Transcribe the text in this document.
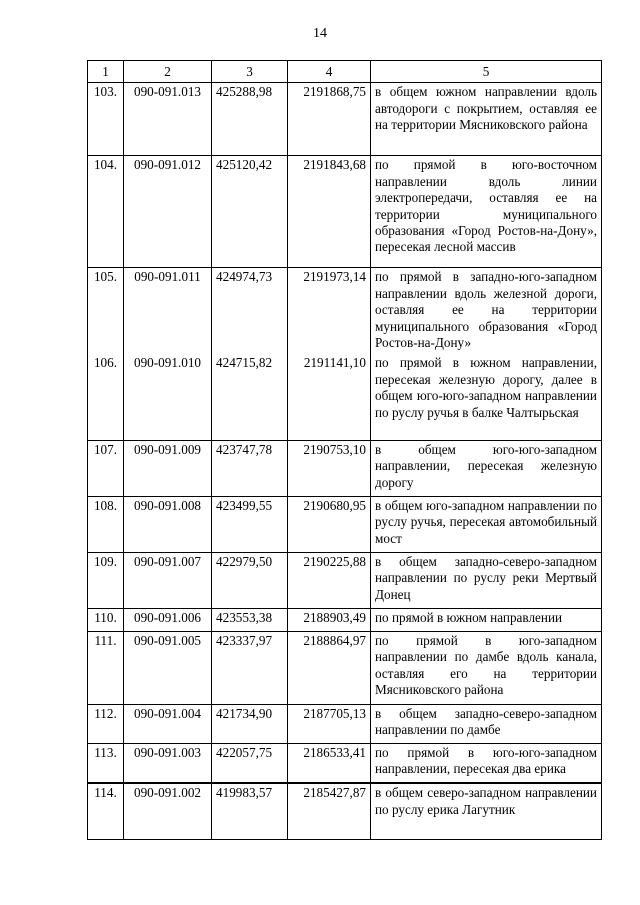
14
1	2	3	4	5
103.	090-091.013	425288,98	2191868,75	в общем южном направлении вдоль автодороги с покрытием, оставляя ее на территории Мясниковского района
104.	090-091.012	425120,42	2191843,68	по прямой в юго-восточном направлении вдоль линии электропередачи, оставляя ее на территории муниципального образования «Город Ростов-на-Дону», пересекая лесной массив
105.	090-091.011	424974,73	2191973,14	по прямой в западно-юго-западном направлении вдоль железной дороги, оставляя ее на территории муниципального образования «Город Ростов-на-Дону»
106.	090-091.010	424715,82	2191141,10	по прямой в южном направлении, пересекая железную дорогу, далее в общем юго-юго-западном направлении по руслу ручья в балке Чалтырьская
107.	090-091.009	423747,78	2190753,10	в общем юго-юго-западном направлении, пересекая железную дорогу
108.	090-091.008	423499,55	2190680,95	в общем юго-западном направлении по руслу ручья, пересекая автомобильный мост
109.	090-091.007	422979,50	2190225,88	в общем западно-северо-западном направлении по руслу реки Мертвый Донец
110.	090-091.006	423553,38	2188903,49	по прямой в южном направлении
111.	090-091.005	423337,97	2188864,97	по прямой в юго-западном направлении по дамбе вдоль канала, оставляя его на территории Мясниковского района
112.	090-091.004	421734,90	2187705,13	в общем западно-северо-западном направлении по дамбе
113.	090-091.003	422057,75	2186533,41	по прямой в юго-юго-западном направлении, пересекая два ерика
114.	090-091.002	419983,57	2185427,87	в общем северо-западном направлении по руслу ерика Лагутник
